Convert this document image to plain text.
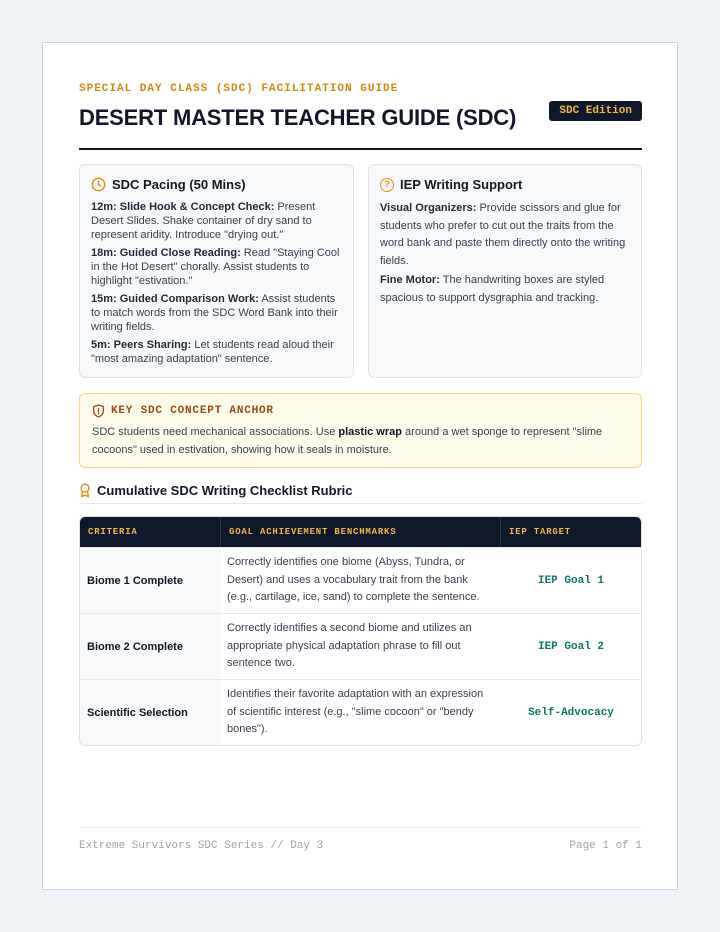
SPECIAL DAY CLASS (SDC) FACILITATION GUIDE
DESERT MASTER TEACHER GUIDE (SDC)	SDC Edition
SDC Pacing (50 Mins)
12m: Slide Hook & Concept Check: Present Desert Slides. Shake container of dry sand to represent aridity. Introduce "drying out."
18m: Guided Close Reading: Read "Staying Cool in the Hot Desert" chorally. Assist students to highlight "estivation."
15m: Guided Comparison Work: Assist students to match words from the SDC Word Bank into their writing fields.
5m: Peers Sharing: Let students read aloud their "most amazing adaptation" sentence.
? IEP Writing Support
Visual Organizers: Provide scissors and glue for students who prefer to cut out the traits from the word bank and paste them directly onto the writing fields.
Fine Motor: The handwriting boxes are styled spacious to support dysgraphia and tracking.
KEY SDC CONCEPT ANCHOR

SDC students need mechanical associations. Use plastic wrap around a wet sponge to represent "slime cocoons" used in estivation, showing how it seals in moisture.

Cumulative SDC Writing Checklist Rubric
CRITERIA	GOAL ACHIEVEMENT BENCHMARKS	IEP TARGET
Biome 1 Complete	Correctly identifies one biome (Abyss, Tundra, or Desert) and uses a vocabulary trait from the bank (e.g., cartilage, ice, sand) to complete the sentence.	IEP Goal 1
Biome 2 Complete	Correctly identifies a second biome and utilizes an appropriate physical adaptation phrase to fill out sentence two.	IEP Goal 2
Scientific Selection	Identifies their favorite adaptation with an expression of scientific interest (e.g., "slime cocoon" or "bendy bones").	Self-Advocacy
Extreme Survivors SDC Series // Day 3	Page 1 of 1
